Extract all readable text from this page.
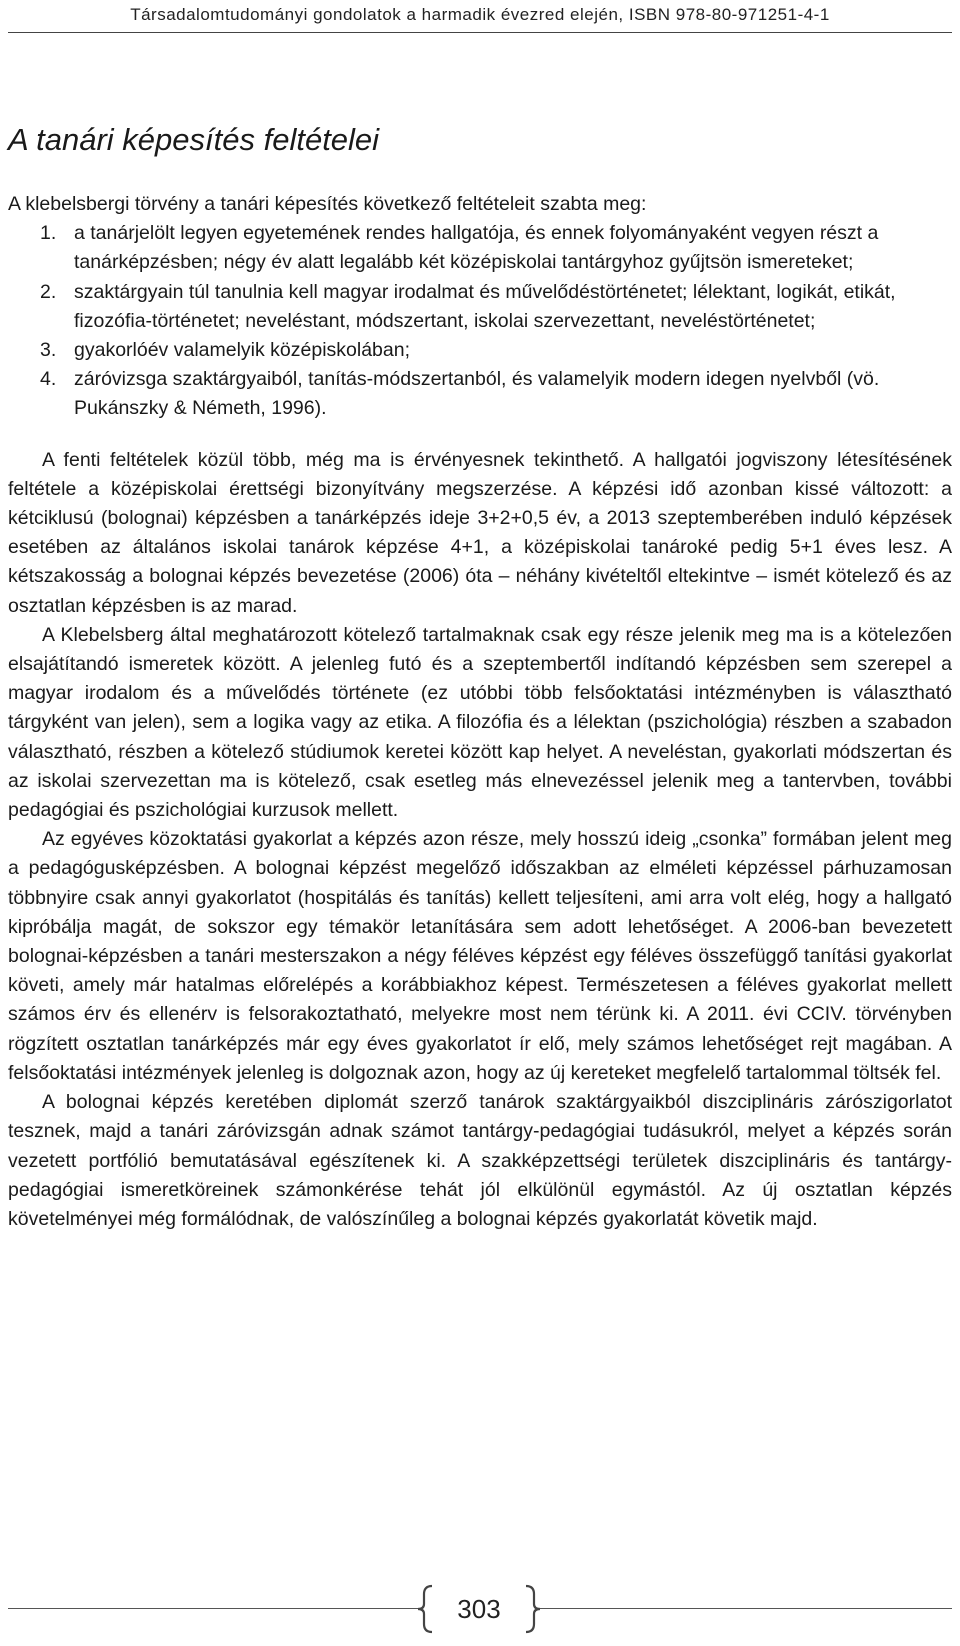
Társadalomtudományi gondolatok a harmadik évezred elején, ISBN 978-80-971251-4-1
A tanári képesítés feltételei

A klebelsbergi törvény a tanári képesítés következő feltételeit szabta meg:

1. a tanárjelölt legyen egyetemének rendes hallgatója, és ennek folyományaként vegyen részt a tanárképzésben; négy év alatt legalább két középiskolai tantárgyhoz gyűjtsön ismereteket;
2. szaktárgyain túl tanulnia kell magyar irodalmat és művelődéstörténetet; lélektant, logikát, etikát, fizozófia-történetet; neveléstant, módszertant, iskolai szervezettant, neveléstörténetet;
3. gyakorlóév valamelyik középiskolában;
4. záróvizsga szaktárgyaiból, tanítás-módszertanból, és valamelyik modern idegen nyelvből (vö. Pukánszky & Németh, 1996).

A fenti feltételek közül több, még ma is érvényesnek tekinthető. A hallgatói jogviszony létesítésének feltétele a középiskolai érettségi bizonyítvány megszerzése. A képzési idő azonban kissé változott: a kétciklusú (bolognai) képzésben a tanárképzés ideje 3+2+0,5 év, a 2013 szeptemberében induló képzések esetében az általános iskolai tanárok képzése 4+1, a középiskolai tanároké pedig 5+1 éves lesz. A kétszakosság a bolognai képzés bevezetése (2006) óta – néhány kivételtől eltekintve – ismét kötelező és az osztatlan képzésben is az marad.

A Klebelsberg által meghatározott kötelező tartalmaknak csak egy része jelenik meg ma is a kötelezően elsajátítandó ismeretek között. A jelenleg futó és a szeptembertől indítandó képzésben sem szerepel a magyar irodalom és a művelődés története (ez utóbbi több felsőoktatási intézményben is választható tárgyként van jelen), sem a logika vagy az etika. A filozófia és a lélektan (pszichológia) részben a szabadon választható, részben a kötelező stúdiumok keretei között kap helyet. A neveléstan, gyakorlati módszertan és az iskolai szervezettan ma is kötelező, csak esetleg más elnevezéssel jelenik meg a tantervben, további pedagógiai és pszichológiai kurzusok mellett.

Az egyéves közoktatási gyakorlat a képzés azon része, mely hosszú ideig „csonka” formában jelent meg a pedagógusképzésben. A bolognai képzést megelőző időszakban az elméleti képzéssel párhuzamosan többnyire csak annyi gyakorlatot (hospitálás és tanítás) kellett teljesíteni, ami arra volt elég, hogy a hallgató kipróbálja magát, de sokszor egy témakör letanítására sem adott lehetőséget. A 2006-ban bevezetett bolognai-képzésben a tanári mesterszakon a négy féléves képzést egy féléves összefüggő tanítási gyakorlat követi, amely már hatalmas előrelépés a korábbiakhoz képest. Természetesen a féléves gyakorlat mellett számos érv és ellenérv is felsorakoztatható, melyekre most nem térünk ki. A 2011. évi CCIV. törvényben rögzített osztatlan tanárképzés már egy éves gyakorlatot ír elő, mely számos lehetőséget rejt magában. A felsőoktatási intézmények jelenleg is dolgoznak azon, hogy az új kereteket megfelelő tartalommal töltsék fel.

A bolognai képzés keretében diplomát szerző tanárok szaktárgyaikból diszciplináris zárószigorlatot tesznek, majd a tanári záróvizsgán adnak számot tantárgy-pedagógiai tudásukról, melyet a képzés során vezetett portfólió bemutatásával egészítenek ki. A szakképzettségi területek diszciplináris és tantárgy-pedagógiai ismeretköreinek számonkérése tehát jól elkülönül egymástól. Az új osztatlan képzés követelményei még formálódnak, de valószínűleg a bolognai képzés gyakorlatát követik majd.

303
